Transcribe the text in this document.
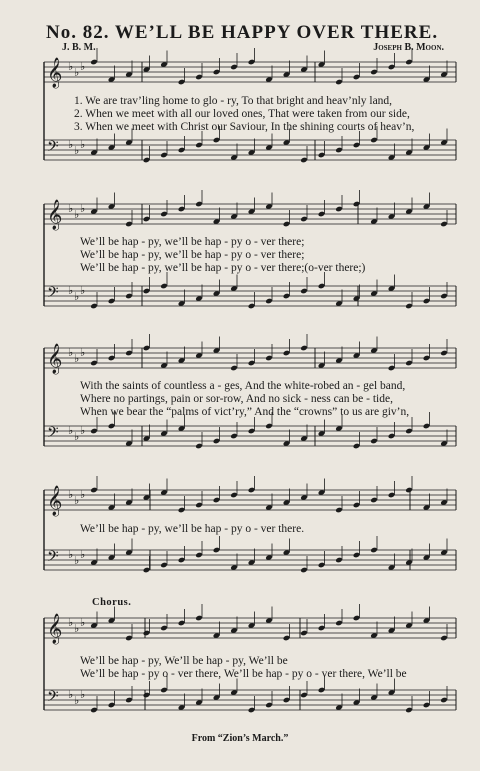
𝄞 ♭ ♭ ♭
𝄢 ♭ ♭ ♭
𝄞 ♭ ♭ ♭
𝄢 ♭ ♭ ♭
𝄞 ♭ ♭ ♭
𝄢 ♭ ♭ ♭
𝄞 ♭ ♭ ♭
𝄢 ♭ ♭ ♭
𝄞 ♭ ♭ ♭
𝄢 ♭ ♭ ♭
No. 82. WE’LL BE HAPPY OVER THERE.
J. B. M.	Joseph B. Moon.
1. We are trav’ling home to glo - ry, To that bright and heav’nly land,
2. When we meet with all our loved ones, That were taken from our side,
3. When we meet with Christ our Saviour, In the shining courts of heav’n,
We’ll be hap - py, we’ll be hap - py o - ver there;
We’ll be hap - py, we’ll be hap - py o - ver there;
We’ll be hap - py, we’ll be hap - py o - ver there;(o-ver there;)
With the saints of countless a - ges, And the white-robed an - gel band,
Where no partings, pain or sor-row, And no sick - ness can be - tide,
When we bear the “palms of vict’ry,” And the “crowns” to us are giv’n,
We’ll be hap - py, we’ll be hap - py o - ver there.
Chorus.
We’ll be hap - py, We’ll be hap - py, We’ll be
We’ll be hap - py o - ver there, We’ll be hap - py o - ver there, We’ll be
From “Zion’s March.”
